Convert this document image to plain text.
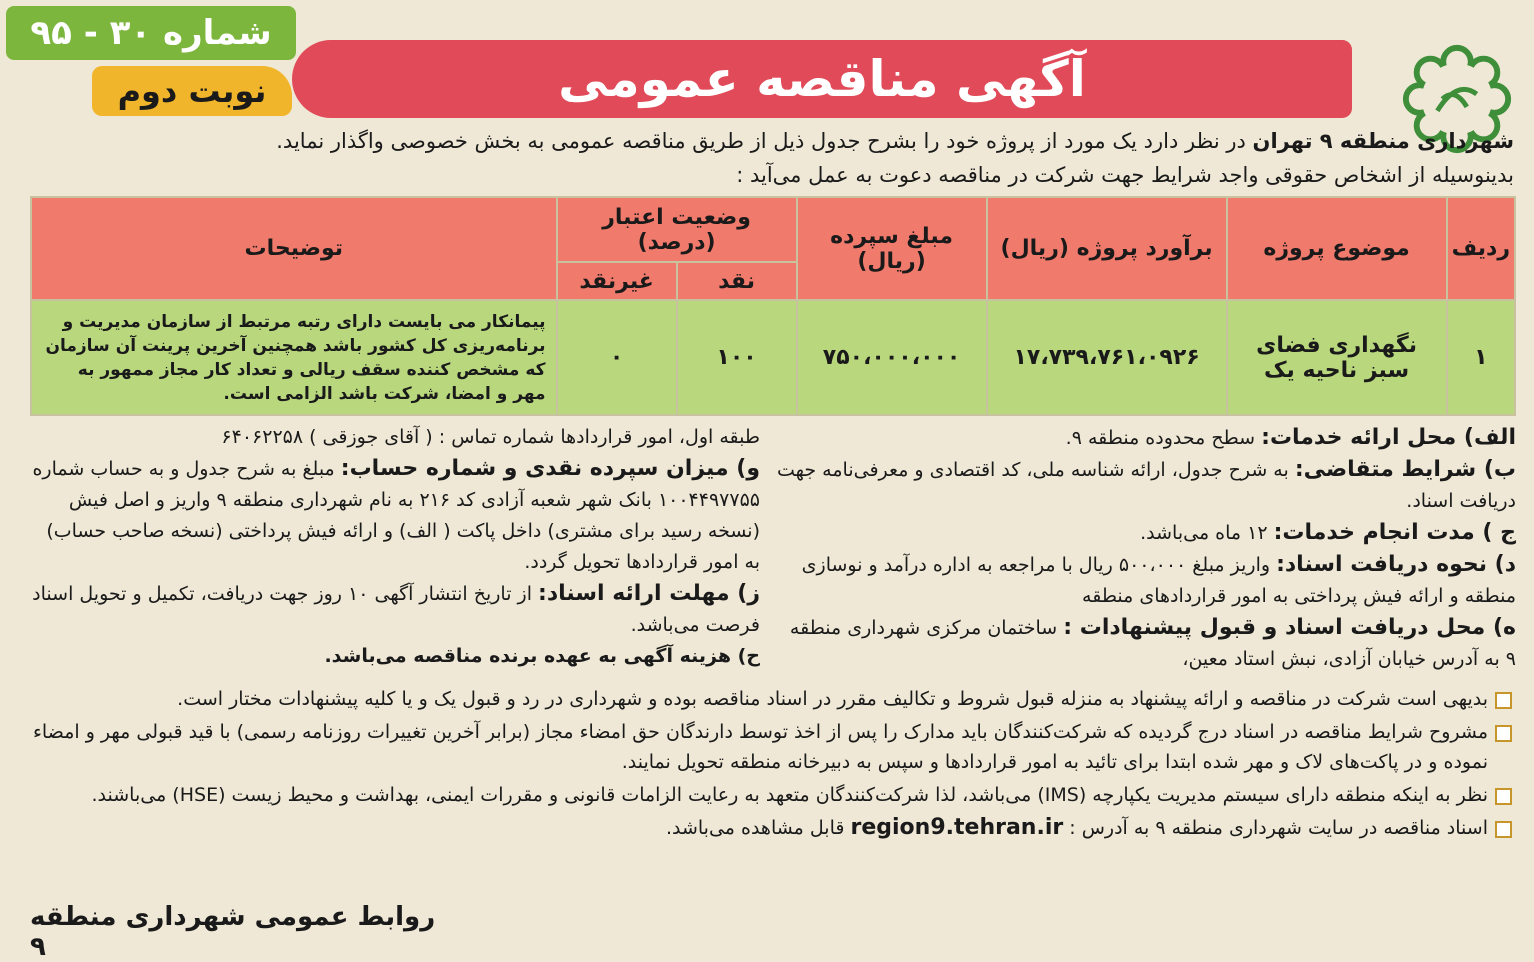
آگهی مناقصه عمومی
شماره ۳۰ - ۹۵
نوبت دوم
شهرداری منطقه ۹ تهران در نظر دارد یک مورد از پروژه خود را بشرح جدول ذیل از طریق مناقصه عمومی به بخش خصوصی واگذار نماید.
بدینوسیله از اشخاص حقوقی واجد شرایط جهت شرکت در مناقصه دعوت به عمل می‌آید :
ردیف	موضوع پروژه	برآورد پروژه (ریال)	مبلغ سپرده (ریال)	وضعیت اعتبار (درصد)		توضیحات
				نقد	غیرنقد	
۱	نگهداری فضای سبز ناحیه یک	۱۷،۷۳۹،۷۶۱،۰۹۲۶	۷۵۰،۰۰۰،۰۰۰	۱۰۰	۰	پیمانکار می بایست دارای رتبه مرتبط از سازمان مدیریت و برنامه‌ریزی کل کشور باشد همچنین آخرین پرینت آن سازمان که مشخص کننده سقف ریالی و تعداد کار مجاز ممهور به مهر و امضا، شرکت باشد الزامی است.
الف) محل ارائه خدمات: سطح محدوده منطقه ۹.
ب) شرایط متقاضی: به شرح جدول، ارائه شناسه ملی، کد اقتصادی و معرفی‌نامه جهت دریافت اسناد.
ج ) مدت انجام خدمات: ۱۲ ماه می‌باشد.
د) نحوه دریافت اسناد: واریز مبلغ ۵۰۰،۰۰۰ ریال با مراجعه به اداره درآمد و نوسازی منطقه و ارائه فیش پرداختی به امور قراردادهای منطقه
ه) محل دریافت اسناد و قبول پیشنهادات : ساختمان مرکزی شهرداری منطقه ۹ به آدرس خیابان آزادی، نبش استاد معین،
طبقه اول، امور قراردادها شماره تماس : ( آقای جوزقی ) ۶۴۰۶۲۲۵۸
و) میزان سپرده نقدی و شماره حساب: مبلغ به شرح جدول و به حساب شماره ۱۰۰۴۴۹۷۷۵۵ بانک شهر شعبه آزادی کد ۲۱۶ به نام شهرداری منطقه ۹ واریز و اصل فیش (نسخه رسید برای مشتری) داخل پاکت ( الف) و ارائه فیش پرداختی (نسخه صاحب حساب) به امور قراردادها تحویل گردد.
ز) مهلت ارائه اسناد: از تاریخ انتشار آگهی ۱۰ روز جهت دریافت، تکمیل و تحویل اسناد فرصت می‌باشد.
ح) هزینه آگهی به عهده برنده مناقصه می‌باشد.
بدیهی است شرکت در مناقصه و ارائه پیشنهاد به منزله قبول شروط و تکالیف مقرر در اسناد مناقصه بوده و شهرداری در رد و قبول یک و یا کلیه پیشنهادات مختار است.
مشروح شرایط مناقصه در اسناد درج گردیده که شرکت‌کنندگان باید مدارک را پس از اخذ توسط دارندگان حق امضاء مجاز (برابر آخرین تغییرات روزنامه رسمی) با قید قبولی مهر و امضاء نموده و در پاکت‌های لاک و مهر شده ابتدا برای تائید به امور قراردادها و سپس به دبیرخانه منطقه تحویل نمایند.
نظر به اینکه منطقه دارای سیستم مدیریت یکپارچه (IMS) می‌باشد، لذا شرکت‌کنندگان متعهد به رعایت الزامات قانونی و مقررات ایمنی، بهداشت و محیط زیست (HSE) می‌باشند.
اسناد مناقصه در سایت شهرداری منطقه ۹ به آدرس : region9.tehran.ir قابل مشاهده می‌باشد.
روابط عمومی شهرداری منطقه ۹
